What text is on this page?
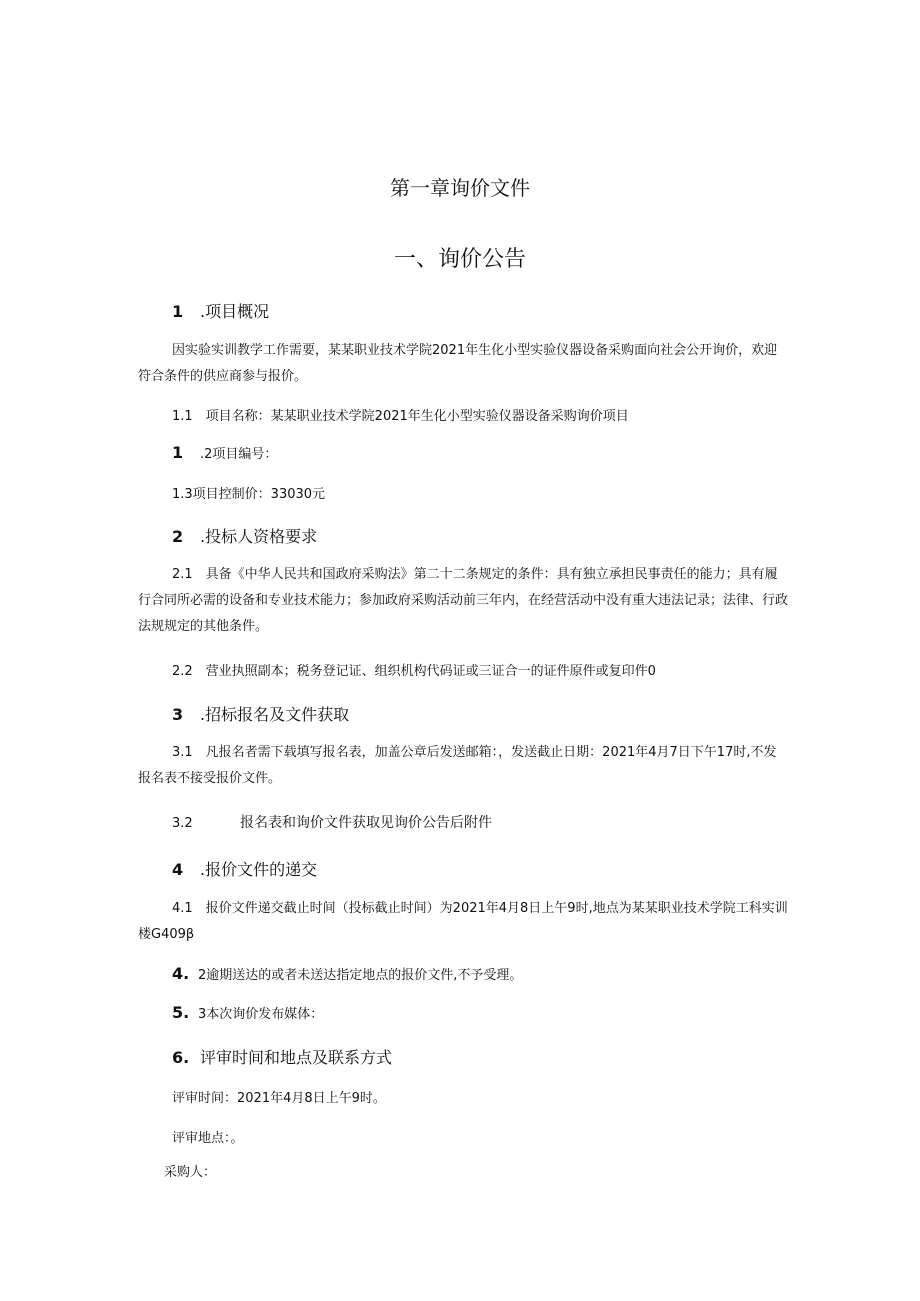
第一章询价文件
一、询价公告
1 .项目概况
因实验实训教学工作需要，某某职业技术学院2021年生化小型实验仪器设备采购面向社会公开询价，欢迎符合条件的供应商参与报价。
1.1　项目名称：某某职业技术学院2021年生化小型实验仪器设备采购询价项目
1 .2项目编号：
1.3项目控制价：33030元
2 .投标人资格要求
2.1　具备《中华人民共和国政府采购法》第二十二条规定的条件：具有独立承担民事责任的能力；具有履行合同所必需的设备和专业技术能力；参加政府采购活动前三年内，在经营活动中没有重大违法记录；法律、行政法规规定的其他条件。
2.2　营业执照副本；税务登记证、组织机构代码证或三证合一的证件原件或复印件0
3 .招标报名及文件获取
3.1　凡报名者需下载填写报名表，加盖公章后发送邮箱：，发送截止日期：2021年4月7日下午17时,不发报名表不接受报价文件。
3.2	报名表和询价文件获取见询价公告后附件
4 .报价文件的递交
4.1　报价文件递交截止时间（投标截止时间）为2021年4月8日上午9时,地点为某某职业技术学院工科实训楼G409β
4. 2逾期送达的或者未送达指定地点的报价文件,不予受理。
5. 3本次询价发布媒体：
6. 评审时间和地点及联系方式
评审时间：2021年4月8日上午9时。
评审地点：。
采购人：
